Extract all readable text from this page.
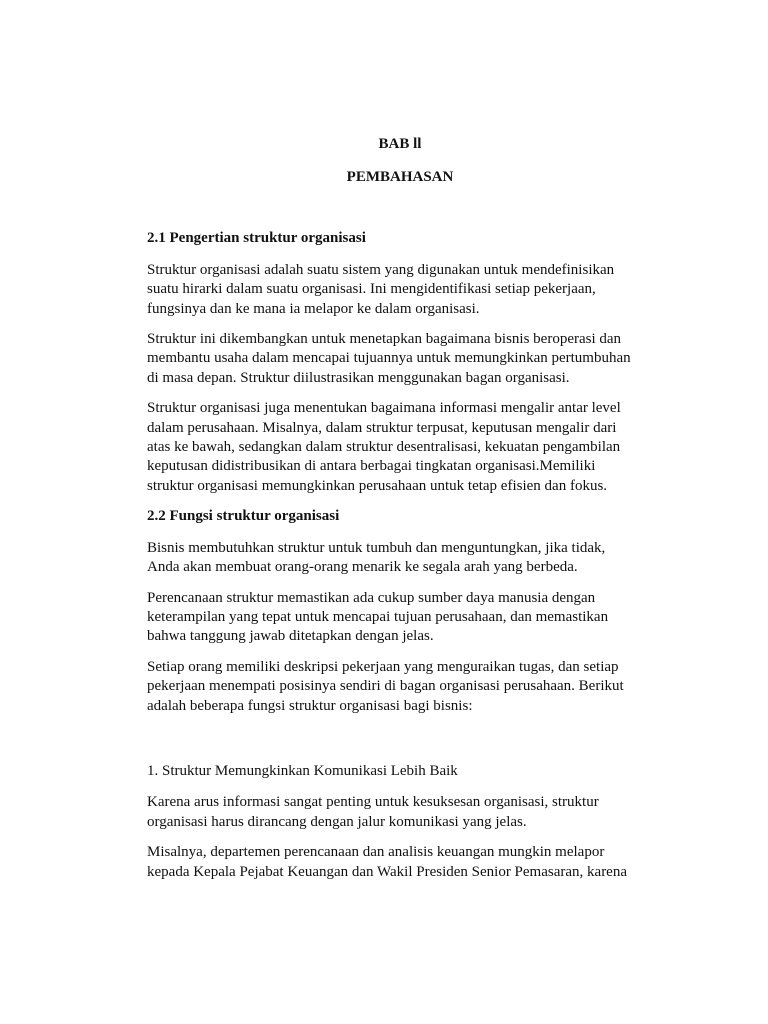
BAB ll
PEMBAHASAN
2.1 Pengertian struktur organisasi

Struktur organisasi adalah suatu sistem yang digunakan untuk mendefinisikan suatu hirarki dalam suatu organisasi. Ini mengidentifikasi setiap pekerjaan, fungsinya dan ke mana ia melapor ke dalam organisasi.

Struktur ini dikembangkan untuk menetapkan bagaimana bisnis beroperasi dan membantu usaha dalam mencapai tujuannya untuk memungkinkan pertumbuhan di masa depan. Struktur diilustrasikan menggunakan bagan organisasi.

Struktur organisasi juga menentukan bagaimana informasi mengalir antar level dalam perusahaan. Misalnya, dalam struktur terpusat, keputusan mengalir dari atas ke bawah, sedangkan dalam struktur desentralisasi, kekuatan pengambilan keputusan didistribusikan di antara berbagai tingkatan organisasi.Memiliki struktur organisasi memungkinkan perusahaan untuk tetap efisien dan fokus.

2.2 Fungsi struktur organisasi

Bisnis membutuhkan struktur untuk tumbuh dan menguntungkan, jika tidak, Anda akan membuat orang-orang menarik ke segala arah yang berbeda.

Perencanaan struktur memastikan ada cukup sumber daya manusia dengan keterampilan yang tepat untuk mencapai tujuan perusahaan, dan memastikan bahwa tanggung jawab ditetapkan dengan jelas.

Setiap orang memiliki deskripsi pekerjaan yang menguraikan tugas, dan setiap pekerjaan menempati posisinya sendiri di bagan organisasi perusahaan. Berikut adalah beberapa fungsi struktur organisasi bagi bisnis:

1. Struktur Memungkinkan Komunikasi Lebih Baik

Karena arus informasi sangat penting untuk kesuksesan organisasi, struktur organisasi harus dirancang dengan jalur komunikasi yang jelas.

Misalnya, departemen perencanaan dan analisis keuangan mungkin melapor kepada Kepala Pejabat Keuangan dan Wakil Presiden Senior Pemasaran, karena
